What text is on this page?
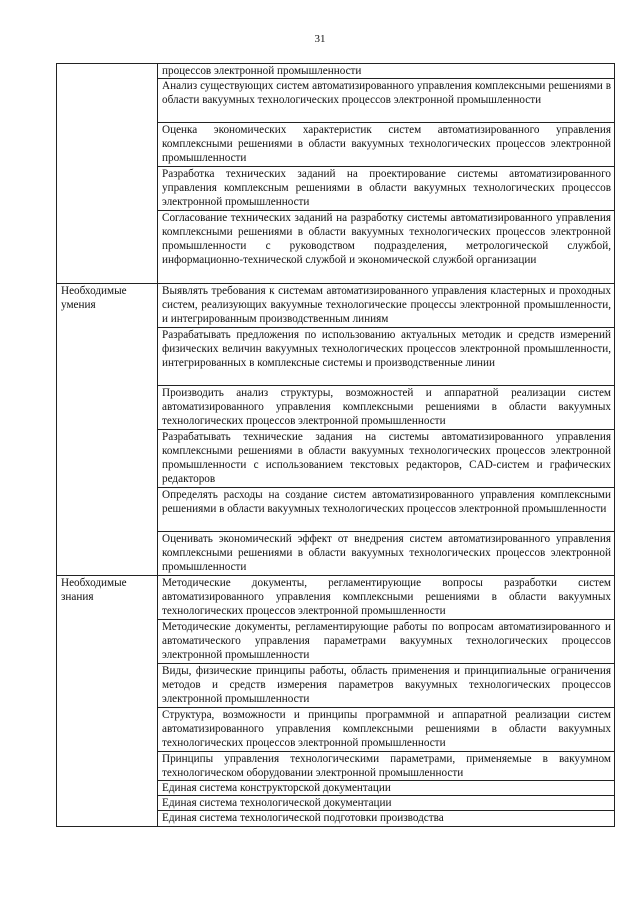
31
	процессов электронной промышленности
	Анализ существующих систем автоматизированного управления комплексными решениями в области вакуумных технологических процессов электронной промышленности
	Оценка экономических характеристик систем автоматизированного управления комплексными решениями в области вакуумных технологических процессов электронной промышленности
	Разработка технических заданий на проектирование системы автоматизированного управления комплексным решениями в области вакуумных технологических процессов электронной промышленности
	Согласование технических заданий на разработку системы автоматизированного управления комплексными решениями в области вакуумных технологических процессов электронной промышленности с руководством подразделения, метрологической службой, информационно-технической службой и экономической службой организации

Необходимые
умения	Выявлять требования к системам автоматизированного управления кластерных и проходных систем, реализующих вакуумные технологические процессы электронной промышленности, и интегрированным производственным линиям
	Разрабатывать предложения по использованию актуальных методик и средств измерений физических величин вакуумных технологических процессов электронной промышленности, интегрированных в комплексные системы и производственные линии
	Производить анализ структуры, возможностей и аппаратной реализации систем автоматизированного управления комплексными решениями в области вакуумных технологических процессов электронной промышленности
	Разрабатывать технические задания на системы автоматизированного управления комплексными решениями в области вакуумных технологических процессов электронной промышленности с использованием текстовых редакторов, CAD-систем и графических редакторов
	Определять расходы на создание систем автоматизированного управления комплексными решениями в области вакуумных технологических процессов электронной промышленности
	Оценивать экономический эффект от внедрения систем автоматизированного управления комплексными решениями в области вакуумных технологических процессов электронной промышленности

Необходимые
знания	Методические документы, регламентирующие вопросы разработки систем автоматизированного управления комплексными решениями в области вакуумных технологических процессов электронной промышленности
	Методические документы, регламентирующие работы по вопросам автоматизированного и автоматического управления параметрами вакуумных технологических процессов электронной промышленности
	Виды, физические принципы работы, область применения и принципиальные ограничения методов и средств измерения параметров вакуумных технологических процессов электронной промышленности
	Структура, возможности и принципы программной и аппаратной реализации систем автоматизированного управления комплексными решениями в области вакуумных технологических процессов электронной промышленности
	Принципы управления технологическими параметрами, применяемые в вакуумном технологическом оборудовании электронной промышленности
	Единая система конструкторской документации
	Единая система технологической документации
	Единая система технологической подготовки производства
